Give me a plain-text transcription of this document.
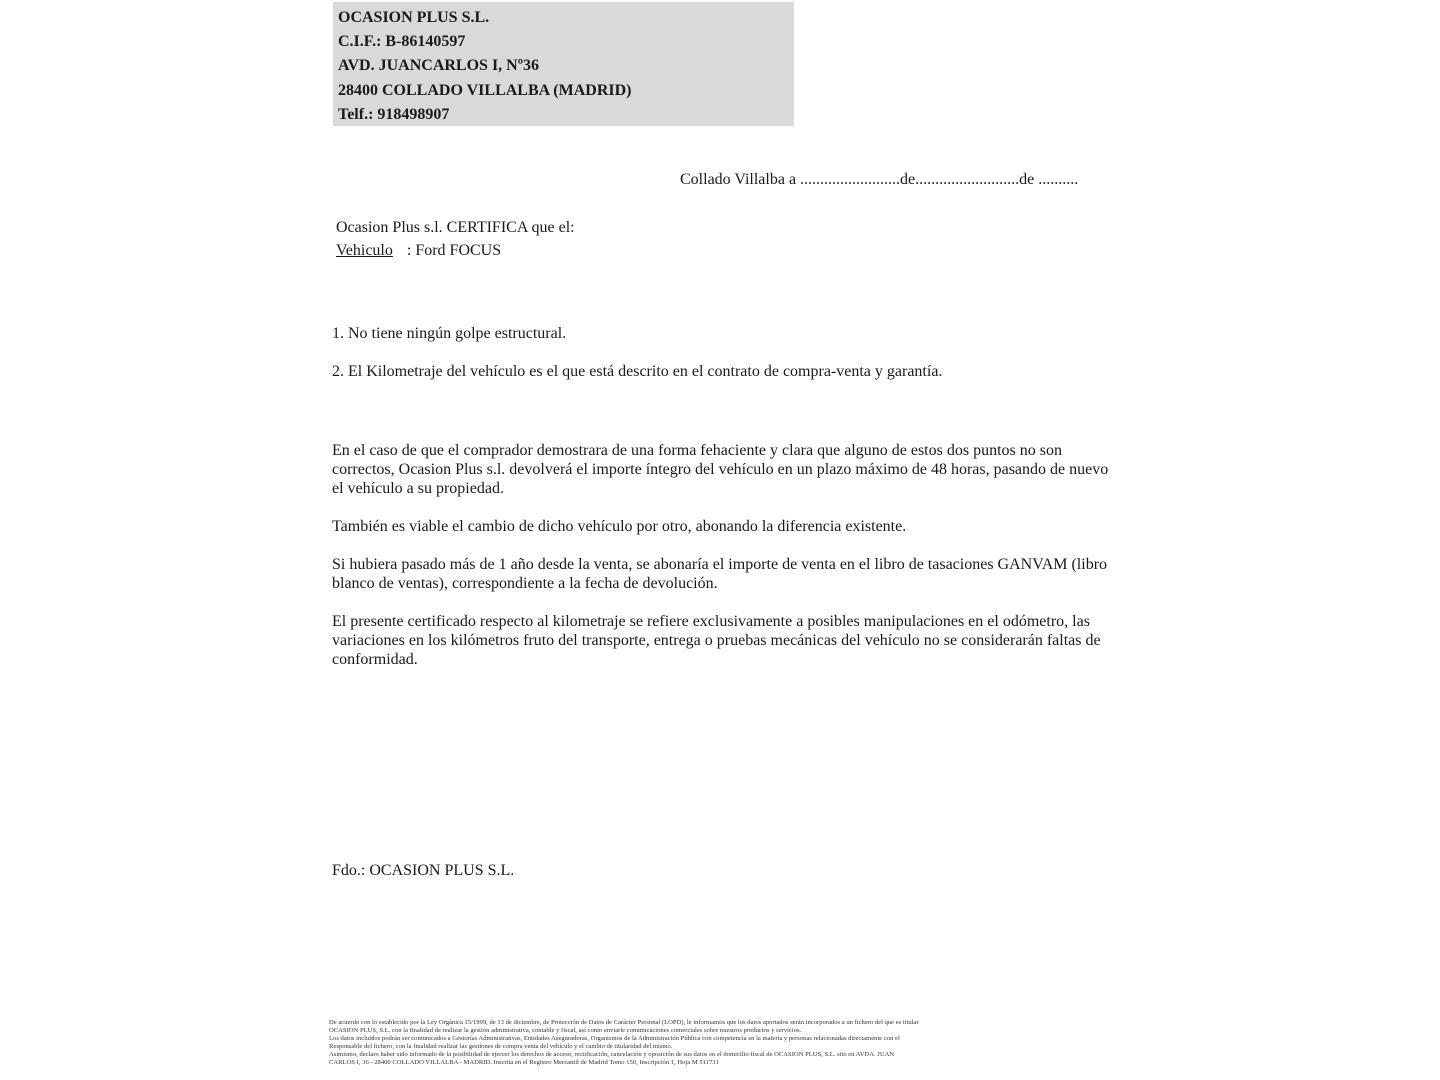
OCASION PLUS S.L.
C.I.F.: B-86140597
AVD. JUANCARLOS I, Nº36
28400 COLLADO VILLALBA (MADRID)
Telf.: 918498907
Collado Villalba a .........................de..........................de ..........
Ocasion Plus s.l. CERTIFICA que el:
Vehiculo : Ford FOCUS
1. No tiene ningún golpe estructural.
2. El Kilometraje del vehículo es el que está descrito en el contrato de compra-venta y garantía.

En el caso de que el comprador demostrara de una forma fehaciente y clara que alguno de estos dos puntos no son correctos, Ocasion Plus s.l. devolverá el importe íntegro del vehículo en un plazo máximo de 48 horas, pasando de nuevo el vehículo a su propiedad.

También es viable el cambio de dicho vehículo por otro, abonando la diferencia existente.

Si hubiera pasado más de 1 año desde la venta, se abonaría el importe de venta en el libro de tasaciones GANVAM (libro blanco de ventas), correspondiente a la fecha de devolución.

El presente certificado respecto al kilometraje se refiere exclusivamente a posibles manipulaciones en el odómetro, las variaciones en los kilómetros fruto del transporte, entrega o pruebas mecánicas del vehículo no se considerarán faltas de conformidad.

Fdo.: OCASION PLUS S.L.
De acuerdo con lo establecido por la Ley Orgánica 15/1999, de 13 de diciembre, de Protección de Datos de Carácter Personal (LOPD), le informamos que los datos aportados serán incorporados a un fichero del que es titular
OCASIÓN PLUS, S.L. con la finalidad de realizar la gestión administrativa, contable y fiscal, así como enviarle comunicaciones comerciales sobre nuestros productos y servicios.
Los datos incluidos podrán ser comunicados a Gestorías Administrativas, Entidades Aseguradoras, Organismos de la Administración Pública con competencia en la materia y personas relacionadas directamente con el
Responsable del fichero, con la finalidad realizar las gestiones de compra venta del vehículo y el cambio de titularidad del mismo.
Asimismo, declaro haber sido informado de la posibilidad de ejercer los derechos de acceso, rectificación, cancelación y oposición de sus datos en el domicilio fiscal de OCASIÓN PLUS, S.L. sito en AVDA. JUAN
CARLOS I, 36 - 28400 COLLADO VILLALBA - MADRID. Inscrita en el Registro Mercantil de Madrid Tomo 150, Inscripción 1, Hoja M 511731
